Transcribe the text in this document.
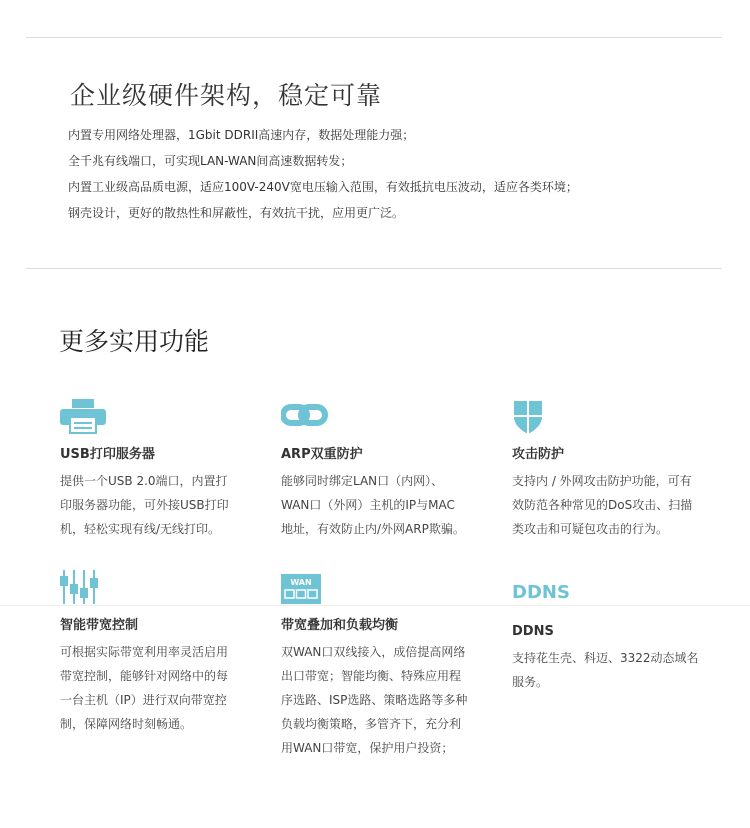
企业级硬件架构，稳定可靠
内置专用网络处理器，1Gbit DDRII高速内存，数据处理能力强；
全千兆有线端口，可实现LAN-WAN间高速数据转发；
内置工业级高品质电源，适应100V-240V宽电压输入范围，有效抵抗电压波动，适应各类环境；
钢壳设计，更好的散热性和屏蔽性，有效抗干扰，应用更广泛。
更多实用功能
USB打印服务器
提供一个USB 2.0端口，内置打
印服务器功能，可外接USB打印
机，轻松实现有线/无线打印。
ARP双重防护
能够同时绑定LAN口（内网）、
WAN口（外网）主机的IP与MAC
地址，有效防止内/外网ARP欺骗。
攻击防护
支持内 / 外网攻击防护功能，可有
效防范各种常见的DoS攻击、扫描
类攻击和可疑包攻击的行为。
智能带宽控制
可根据实际带宽利用率灵活启用
带宽控制，能够针对网络中的每
一台主机（IP）进行双向带宽控
制，保障网络时刻畅通。
WAN
带宽叠加和负载均衡
双WAN口双线接入，成倍提高网络
出口带宽；智能均衡、特殊应用程
序选路、ISP选路、策略选路等多种
负载均衡策略，多管齐下，充分利
用WAN口带宽，保护用户投资；
DDNS
DDNS
支持花生壳、科迈、3322动态域名
服务。
